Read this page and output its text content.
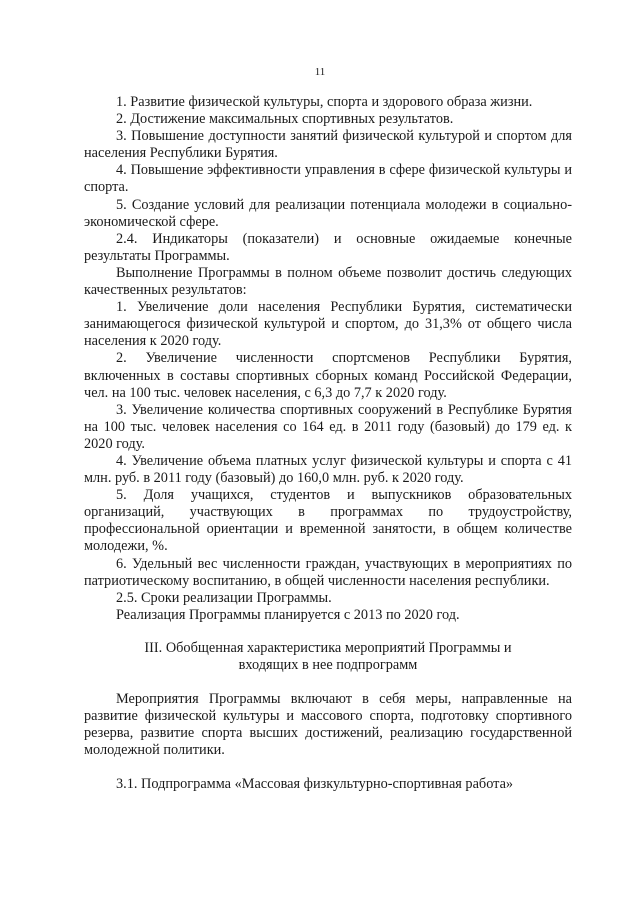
11

1. Развитие физической культуры, спорта и здорового образа жизни.

2. Достижение максимальных спортивных результатов.

3. Повышение доступности занятий физической культурой и спортом для населения Республики Бурятия.

4. Повышение эффективности управления в сфере физической культуры и спорта.

5. Создание условий для реализации потенциала молодежи в социально-экономической сфере.

2.4. Индикаторы (показатели) и основные ожидаемые конечные результаты Программы.

Выполнение Программы в полном объеме позволит достичь следующих качественных результатов:

1. Увеличение доли населения Республики Бурятия, систематически занимающегося физической культурой и спортом, до 31,3% от общего числа населения к 2020 году.

2. Увеличение численности спортсменов Республики Бурятия, включенных в составы спортивных сборных команд Российской Федерации, чел. на 100 тыс. человек населения, с 6,3 до 7,7 к 2020 году.

3. Увеличение количества спортивных сооружений в Республике Бурятия на 100 тыс. человек населения со 164 ед. в 2011 году (базовый) до 179 ед. к 2020 году.

4. Увеличение объема платных услуг физической культуры и спорта с 41 млн. руб. в 2011 году (базовый) до 160,0 млн. руб. к 2020 году.

5. Доля учащихся, студентов и выпускников образовательных организаций, участвующих в программах по трудоустройству, профессиональной ориентации и временной занятости, в общем количестве молодежи, %.

6. Удельный вес численности граждан, участвующих в мероприятиях по патриотическому воспитанию, в общей численности населения республики.

2.5. Сроки реализации Программы.

Реализация Программы планируется с 2013 по 2020 год.

III. Обобщенная характеристика мероприятий Программы и
входящих в нее подпрограмм

Мероприятия Программы включают в себя меры, направленные на развитие физической культуры и массового спорта, подготовку спортивного резерва, развитие спорта высших достижений, реализацию государственной молодежной политики.

3.1. Подпрограмма «Массовая физкультурно-спортивная работа»
